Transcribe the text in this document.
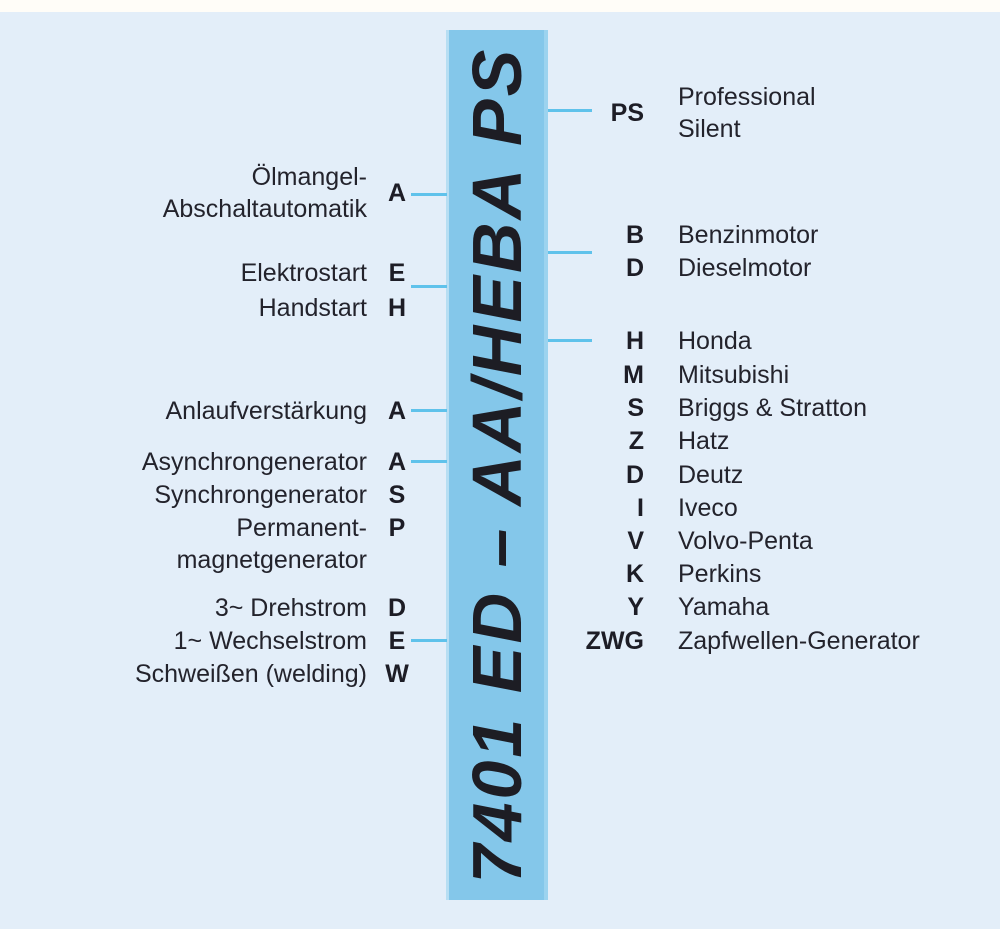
7401 ED – AA/HEBA PS
Ölmangel-
Abschaltautomatik
A
Elektrostart E
Handstart H
Anlaufverstärkung A
Asynchrongenerator A
Synchrongenerator S
Permanent-
magnetgenerator
P
3~ Drehstrom D
1~ Wechselstrom E
Schweißen (welding) W
PS
Professional
Silent
B Benzinmotor
D Dieselmotor
H Honda
M Mitsubishi
S Briggs & Stratton
Z Hatz
D Deutz
I Iveco
V Volvo-Penta
K Perkins
Y Yamaha
ZWG Zapfwellen-Generator
